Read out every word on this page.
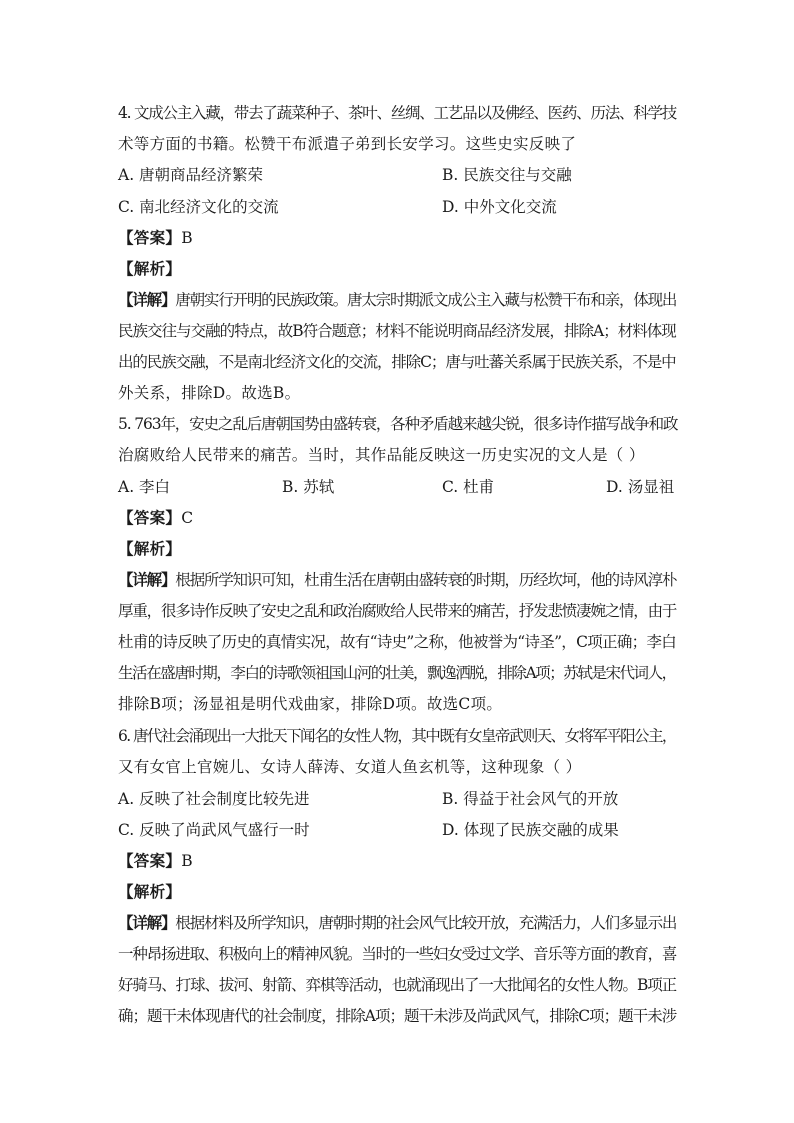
4. 文成公主入藏，带去了蔬菜种子、茶叶、丝绸、工艺品以及佛经、医药、历法、科学技
术等方面的书籍。松赞干布派遣子弟到长安学习。这些史实反映了
A. 唐朝商品经济繁荣	B. 民族交往与交融
C. 南北经济文化的交流	D. 中外文化交流
【答案】B
【解析】
【详解】唐朝实行开明的民族政策。唐太宗时期派文成公主入藏与松赞干布和亲，体现出
民族交往与交融的特点，故B符合题意；材料不能说明商品经济发展，排除A；材料体现
出的民族交融，不是南北经济文化的交流，排除C；唐与吐蕃关系属于民族关系，不是中
外关系，排除D。故选B。
5. 763年，安史之乱后唐朝国势由盛转衰，各种矛盾越来越尖锐，很多诗作描写战争和政
治腐败给人民带来的痛苦。当时，其作品能反映这一历史实况的文人是（ ）
A. 李白	B. 苏轼	C. 杜甫	D. 汤显祖
【答案】C
【解析】
【详解】根据所学知识可知，杜甫生活在唐朝由盛转衰的时期，历经坎坷，他的诗风淳朴
厚重，很多诗作反映了安史之乱和政治腐败给人民带来的痛苦，抒发悲愤凄婉之情，由于
杜甫的诗反映了历史的真情实况，故有“诗史”之称，他被誉为“诗圣”，C项正确；李白
生活在盛唐时期，李白的诗歌领祖国山河的壮美，飘逸洒脱，排除A项；苏轼是宋代词人，
排除B项；汤显祖是明代戏曲家，排除D项。故选C项。
6. 唐代社会涌现出一大批天下闻名的女性人物，其中既有女皇帝武则天、女将军平阳公主，
又有女官上官婉儿、女诗人薛涛、女道人鱼玄机等，这种现象（ ）
A. 反映了社会制度比较先进	B. 得益于社会风气的开放
C. 反映了尚武风气盛行一时	D. 体现了民族交融的成果
【答案】B
【解析】
【详解】根据材料及所学知识，唐朝时期的社会风气比较开放，充满活力，人们多显示出
一种昂扬进取、积极向上的精神风貌。当时的一些妇女受过文学、音乐等方面的教育，喜
好骑马、打球、拔河、射箭、弈棋等活动，也就涌现出了一大批闻名的女性人物。B项正
确；题干未体现唐代的社会制度，排除A项；题干未涉及尚武风气，排除C项；题干未涉
